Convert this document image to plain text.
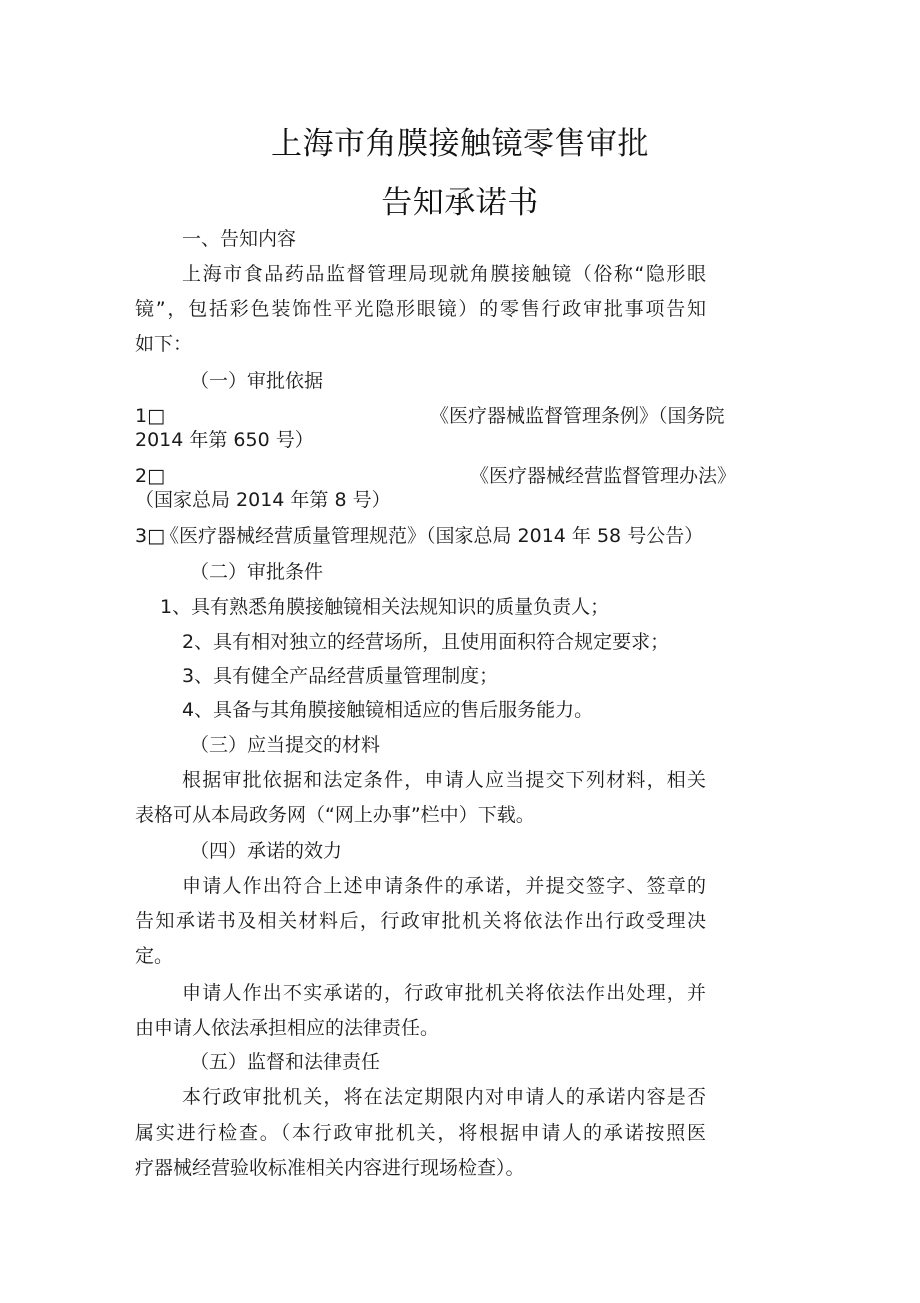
上海市角膜接触镜零售审批
告知承诺书
一、告知内容
上海市食品药品监督管理局现就角膜接触镜（俗称“隐形眼
镜”，包括彩色装饰性平光隐形眼镜）的零售行政审批事项告知
如下：
（一）审批依据
1□	《医疗器械监督管理条例》（国务院
2014 年第 650 号）
2□	《医疗器械经营监督管理办法》
（国家总局 2014 年第 8 号）
3□
《医疗器械经营质量管理规范》（国家总局 2014 年 58 号公告）
（二）审批条件
1、具有熟悉角膜接触镜相关法规知识的质量负责人；
2、具有相对独立的经营场所，且使用面积符合规定要求；
3、具有健全产品经营质量管理制度；
4、具备与其角膜接触镜相适应的售后服务能力。
（三）应当提交的材料
根据审批依据和法定条件，申请人应当提交下列材料，相关
表格可从本局政务网（“网上办事”栏中）下载。
（四）承诺的效力
申请人作出符合上述申请条件的承诺，并提交签字、签章的
告知承诺书及相关材料后，行政审批机关将依法作出行政受理决
定。
申请人作出不实承诺的，行政审批机关将依法作出处理，并
由申请人依法承担相应的法律责任。
（五）监督和法律责任
本行政审批机关，将在法定期限内对申请人的承诺内容是否
属实进行检查。（本行政审批机关，将根据申请人的承诺按照医
疗器械经营验收标准相关内容进行现场检查）。
